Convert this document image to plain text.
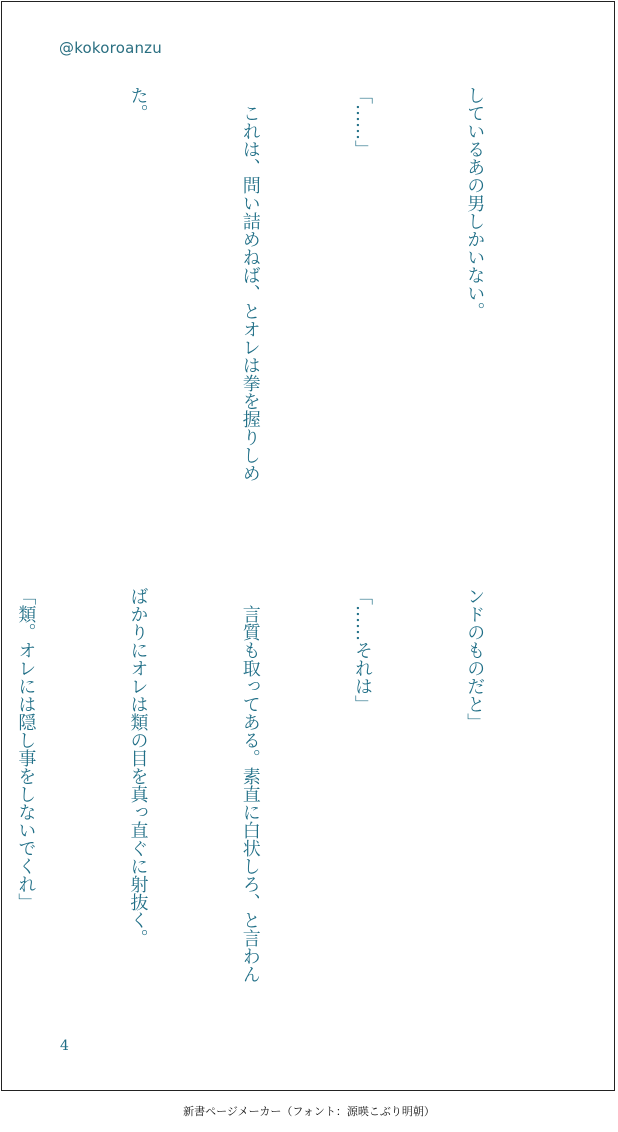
@kokoroanzu

しているあの男しかいない。

「……」

　これは、問い詰めねば、とオレは拳を握りしめ

た。

ンドのものだと」

「……それは」

　言質も取ってある。素直に白状しろ、と言わん

ばかりにオレは類の目を真っ直ぐに射抜く。

「類。オレには隠し事をしないでくれ」

4
新書ページメーカー（フォント：源暎こぶり明朝）
